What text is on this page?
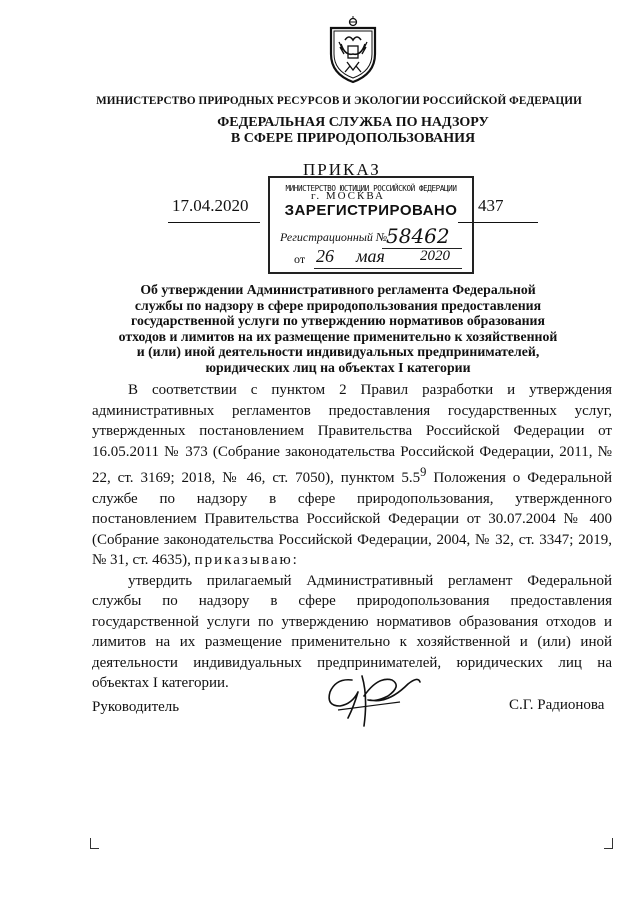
МИНИСТЕРСТВО ПРИРОДНЫХ РЕСУРСОВ И ЭКОЛОГИИ РОССИЙСКОЙ ФЕДЕРАЦИИ
ФЕДЕРАЛЬНАЯ СЛУЖБА ПО НАДЗОРУ
В СФЕРЕ ПРИРОДОПОЛЬЗОВАНИЯ
ПРИКАЗ
г. МОСКВА
17.04.2020	437
МИНИСТЕРСТВО ЮСТИЦИИ РОССИЙСКОЙ ФЕДЕРАЦИИ
ЗАРЕГИСТРИРОВАНО
Регистрационный №
58462
от 26 мая 2020
Об утверждении Административного регламента Федеральной службы по надзору в сфере природопользования предоставления государственной услуги по утверждению нормативов образования отходов и лимитов на их размещение применительно к хозяйственной и (или) иной деятельности индивидуальных предпринимателей, юридических лиц на объектах I категории

В соответствии с пунктом 2 Правил разработки и утверждения административных регламентов предоставления государственных услуг, утвержденных постановлением Правительства Российской Федерации от 16.05.2011 № 373 (Собрание законодательства Российской Федерации, 2011, № 22, ст. 3169; 2018, № 46, ст. 7050), пунктом $5.5^9$ Положения о Федеральной службе по надзору в сфере природопользования, утвержденного постановлением Правительства Российской Федерации от 30.07.2004 № 400 (Собрание законодательства Российской Федерации, 2004, № 32, ст. 3347; 2019, № 31, ст. 4635), приказываю:

утвердить прилагаемый Административный регламент Федеральной службы по надзору в сфере природопользования предоставления государственной услуги по утверждению нормативов образования отходов и лимитов на их размещение применительно к хозяйственной и (или) иной деятельности индивидуальных предпринимателей, юридических лиц на объектах I категории.

Руководитель	С.Г. Радионова
